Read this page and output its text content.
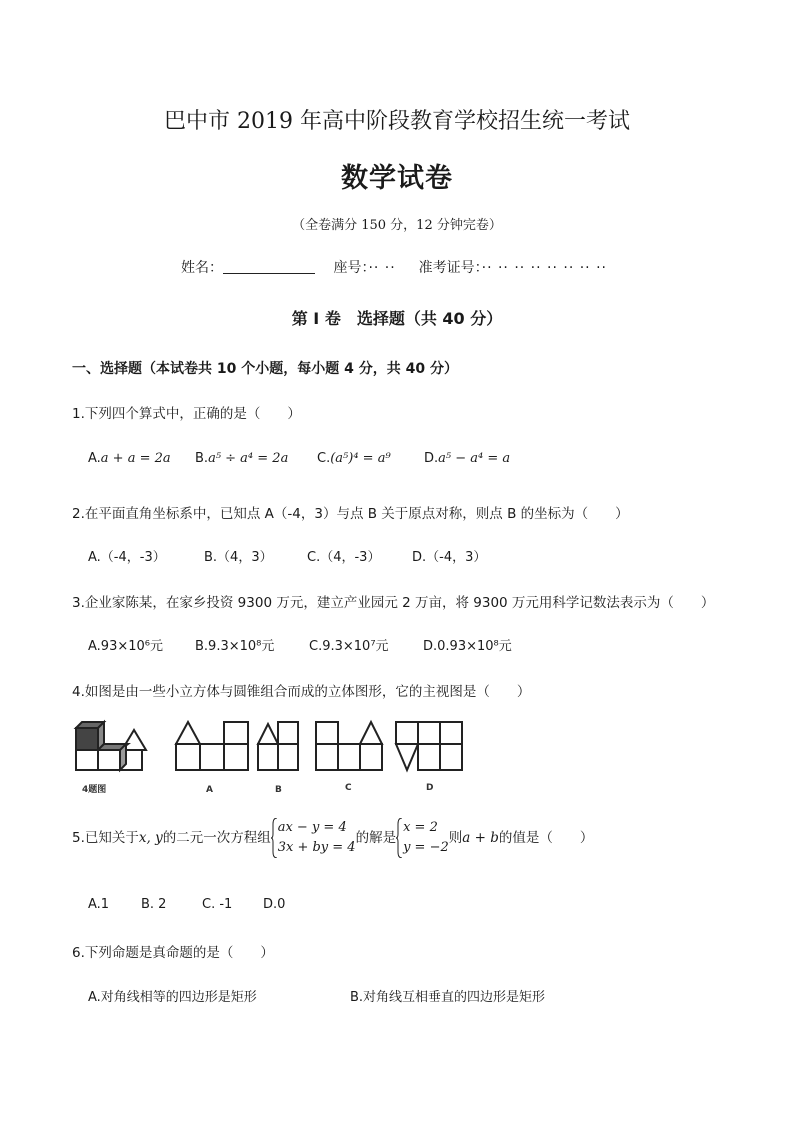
巴中市 2019 年高中阶段教育学校招生统一考试
数学试卷
（全卷满分 150 分，12 分钟完卷）
姓名：	座号：·· ·· 准考证号：·· ·· ·· ·· ·· ·· ·· ··
第 I 卷　选择题（共 40 分）
一、选择题（本试卷共 10 个小题，每小题 4 分，共 40 分）
1.下列四个算式中，正确的是（　　）
A.a + a = 2a B.a⁵ ÷ a⁴ = 2a C.(a⁵)⁴ = a⁹	D.a⁵ − a⁴ = a
2.在平面直角坐标系中，已知点 A（-4，3）与点 B 关于原点对称，则点 B 的坐标为（　　）
A.（-4，-3）	B.（4，3）	C.（4，-3） D.（-4，3）
3.企业家陈某，在家乡投资 9300 万元，建立产业园元 2 万亩，将 9300 万元用科学记数法表示为（　　）
A.93×10⁶元 B.9.3×10⁸元	C.9.3×10⁷元	D.0.93×10⁸元
4.如图是由一些小立方体与圆锥组合而成的立体图形，它的主视图是（　　）
4题图	A	B	C	D
5.已知关于x, y的二元一次方程组
ax − y = 4
3x + by = 4
的解是
x = 2
y = −2
则a + b的值是（　　）
A.1 B. 2	C. -1 D.0
6.下列命题是真命题的是（　　）
A.对角线相等的四边形是矩形	B.对角线互相垂直的四边形是矩形
